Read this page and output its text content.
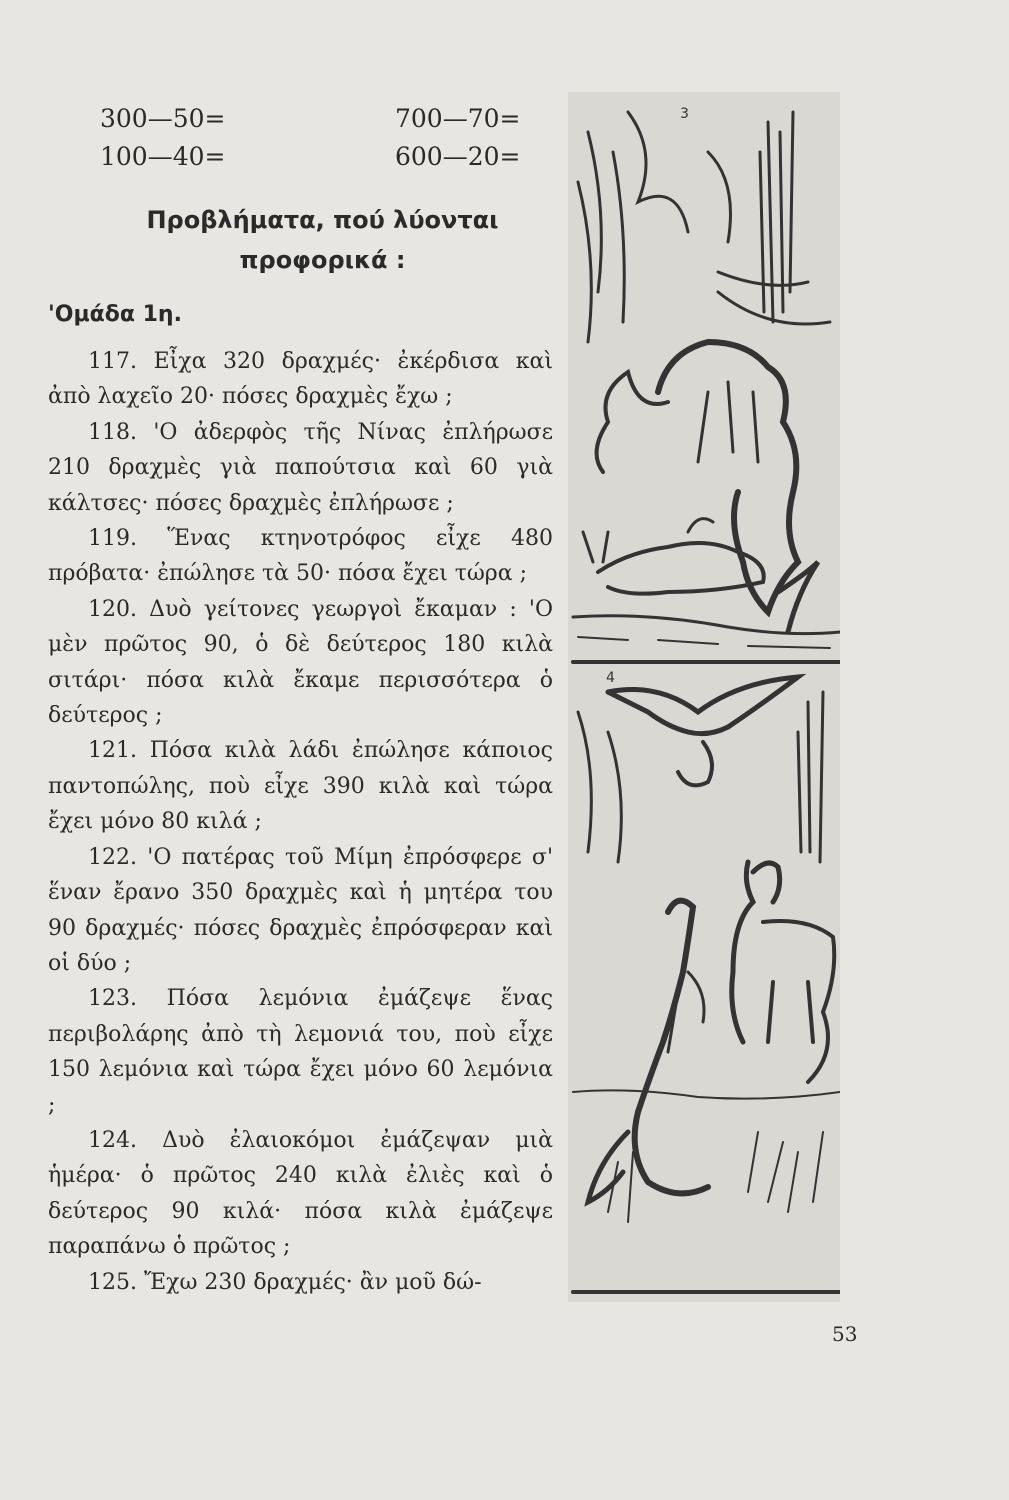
300—50=
100—40=
700—70=
600—20=
Προβλήματα, πού λύονται
προφορικά :
'Ομάδα 1η.

117. Εἶχα 320 δραχμές· ἐκέρδισα καὶ ἀπὸ λαχεῖο 20· πόσες δραχμὲς ἔχω ;

118. 'Ο ἀδερφὸς τῆς Νίνας ἐπλήρωσε 210 δραχμὲς γιὰ παπούτσια καὶ 60 γιὰ κάλτσες· πόσες δραχμὲς ἐπλήρωσε ;

119. Ἕνας κτηνοτρόφος εἶχε 480 πρόβατα· ἐπώλησε τὰ 50· πόσα ἔχει τώρα ;

120. Δυὸ γείτονες γεωργοὶ ἔκαμαν : 'Ο μὲν πρῶτος 90, ὁ δὲ δεύτερος 180 κιλὰ σιτάρι· πόσα κιλὰ ἔκαμε περισσότερα ὁ δεύτερος ;

121. Πόσα κιλὰ λάδι ἐπώλησε κάποιος παντοπώλης, ποὺ εἶχε 390 κιλὰ καὶ τώρα ἔχει μόνο 80 κιλά ;

122. 'Ο πατέρας τοῦ Μίμη ἐπρόσφερε σ' ἕναν ἔρανο 350 δραχμὲς καὶ ἡ μητέρα του 90 δραχμές· πόσες δραχμὲς ἐπρόσφεραν καὶ οἱ δύο ;

123. Πόσα λεμόνια ἐμάζεψε ἕνας περιβολάρης ἀπὸ τὴ λεμονιά του, ποὺ εἶχε 150 λεμόνια καὶ τώρα ἔχει μόνο 60 λεμόνια ;

124. Δυὸ ἐλαιοκόμοι ἐμάζεψαν μιὰ ἡμέρα· ὁ πρῶτος 240 κιλὰ ἐλιὲς καὶ ὁ δεύτερος 90 κιλά· πόσα κιλὰ ἐμάζεψε παραπάνω ὁ πρῶτος ;

125. Ἔχω 230 δραχμές· ἂν μοῦ δώ-

3
4
53
